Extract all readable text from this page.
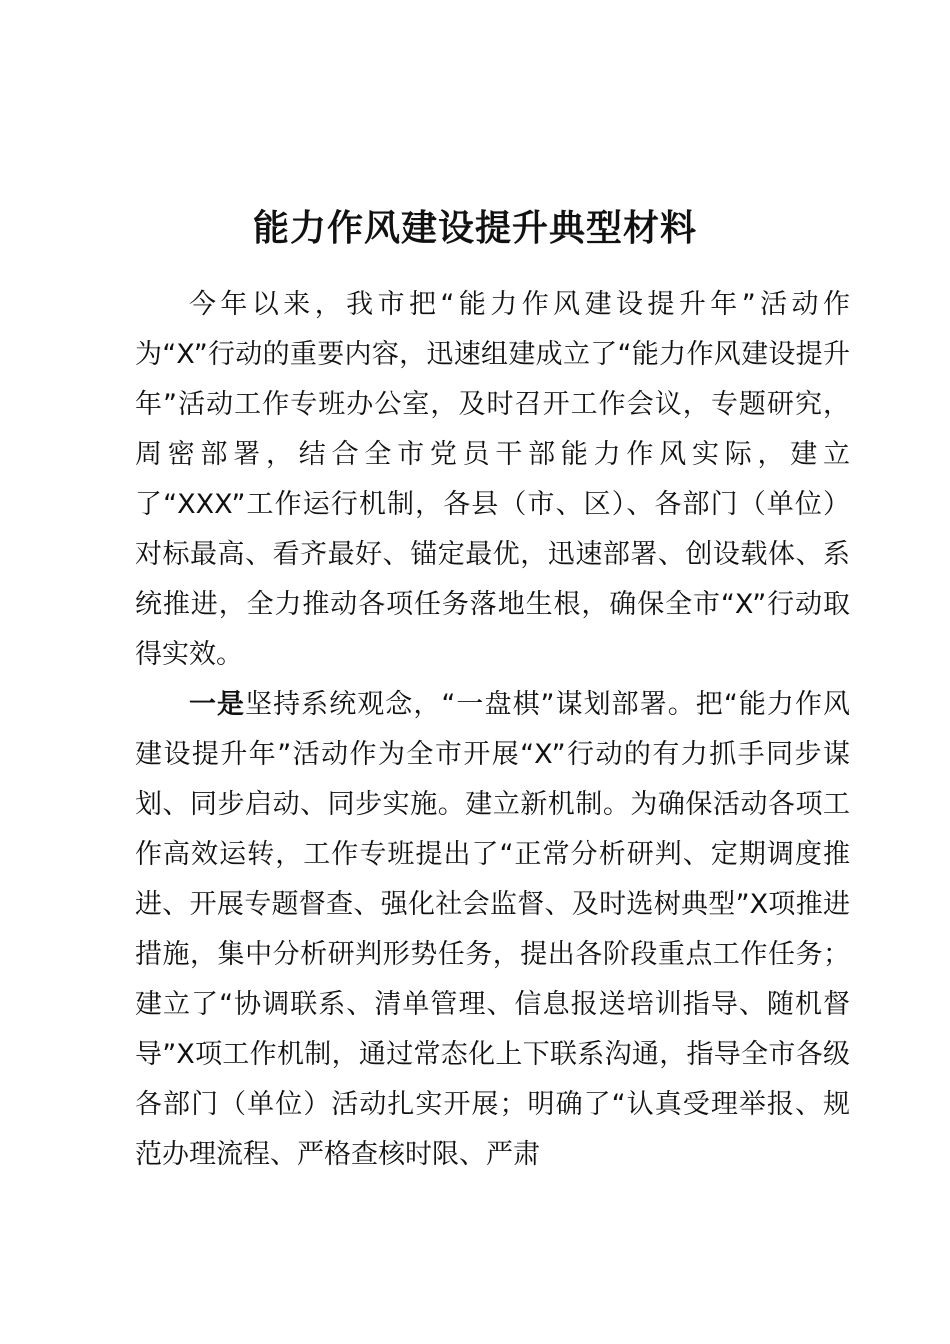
能力作风建设提升典型材料

今年以来，我市把“能力作风建设提升年”活动作为“X”行动的重要内容，迅速组建成立了“能力作风建设提升年”活动工作专班办公室，及时召开工作会议，专题研究，周密部署，结合全市党员干部能力作风实际，建立了“XXX”工作运行机制，各县（市、区）、各部门（单位）对标最高、看齐最好、锚定最优，迅速部署、创设载体、系统推进，全力推动各项任务落地生根，确保全市“X”行动取得实效。

一是坚持系统观念，“一盘棋”谋划部署。把“能力作风建设提升年”活动作为全市开展“X”行动的有力抓手同步谋划、同步启动、同步实施。建立新机制。为确保活动各项工作高效运转，工作专班提出了“正常分析研判、定期调度推进、开展专题督查、强化社会监督、及时选树典型”X项推进措施，集中分析研判形势任务，提出各阶段重点工作任务；建立了“协调联系、清单管理、信息报送培训指导、随机督导”X项工作机制，通过常态化上下联系沟通，指导全市各级各部门（单位）活动扎实开展；明确了“认真受理举报、规范办理流程、严格查核时限、严肃
